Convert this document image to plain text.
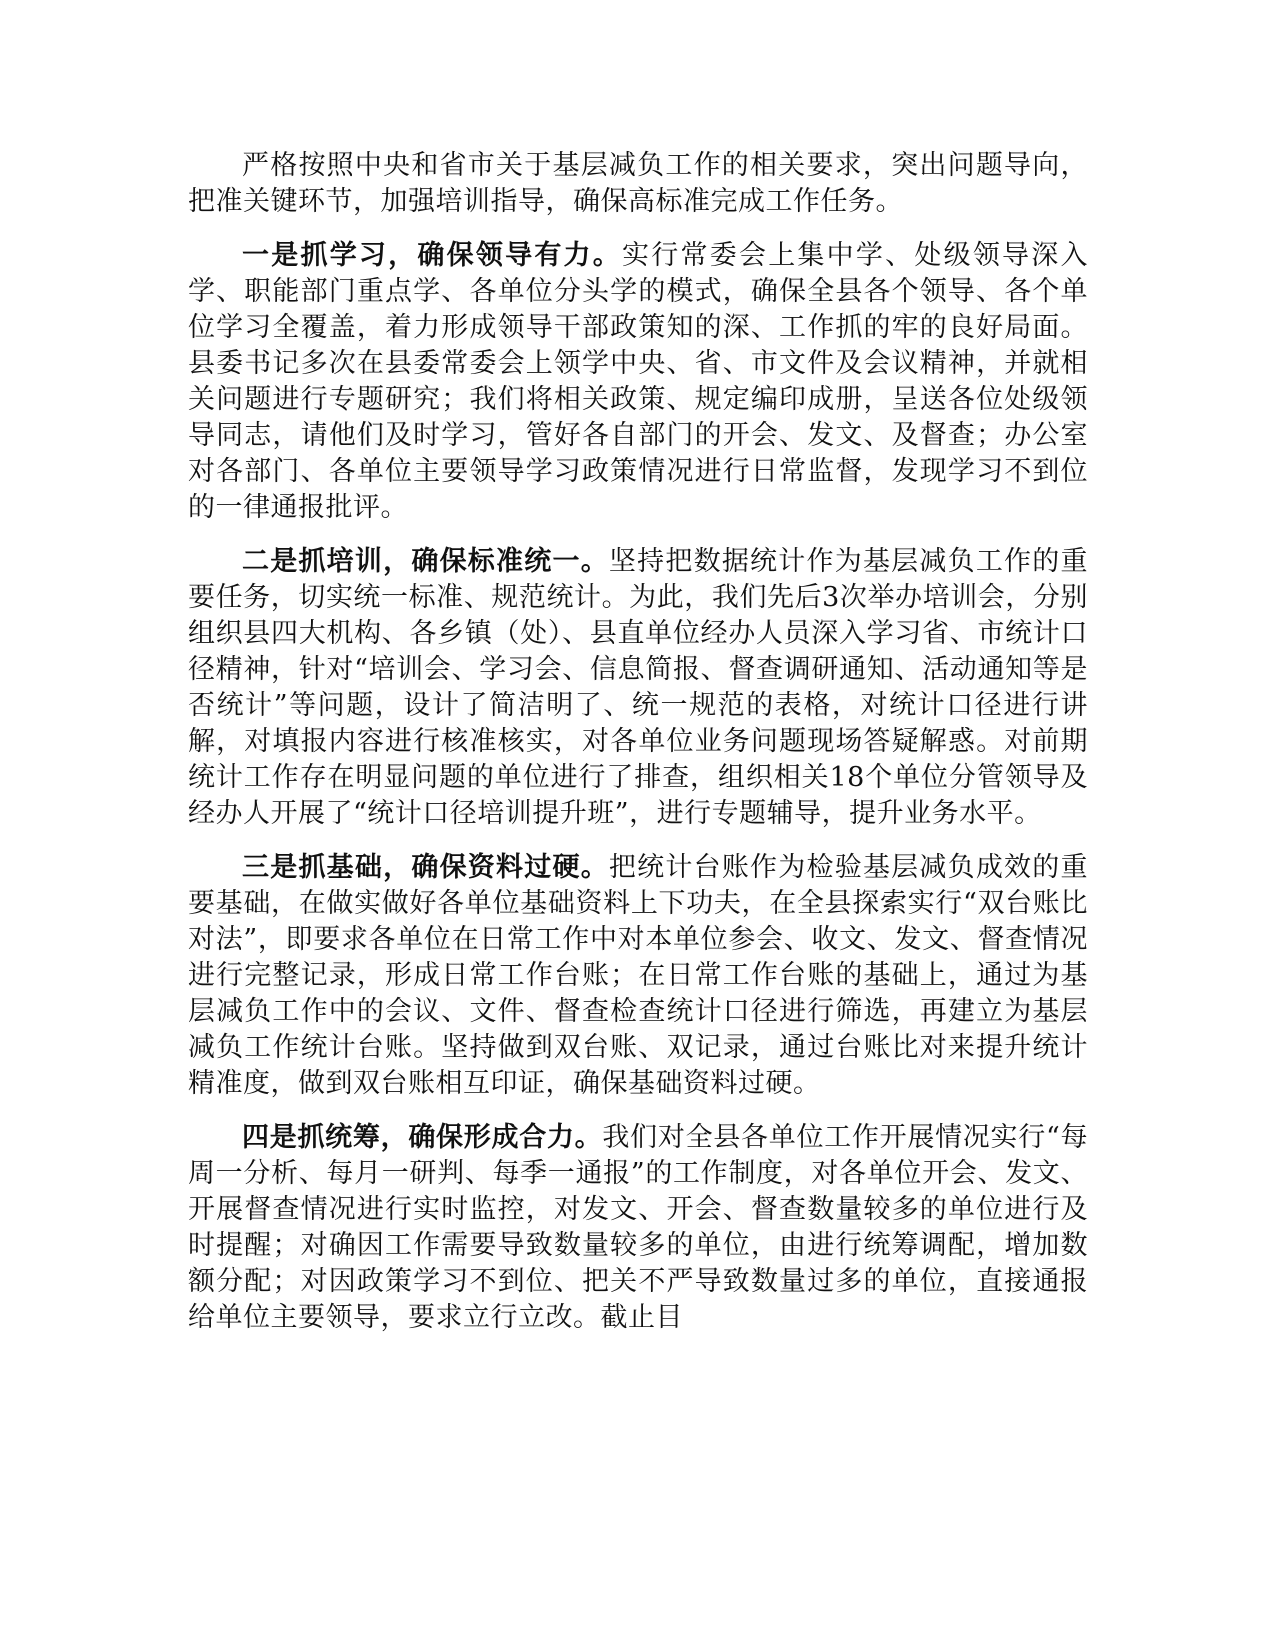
严格按照中央和省市关于基层减负工作的相关要求，突出问题导向，把准关键环节，加强培训指导，确保高标准完成工作任务。

一是抓学习，确保领导有力。实行常委会上集中学、处级领导深入学、职能部门重点学、各单位分头学的模式，确保全县各个领导、各个单位学习全覆盖，着力形成领导干部政策知的深、工作抓的牢的良好局面。县委书记多次在县委常委会上领学中央、省、市文件及会议精神，并就相关问题进行专题研究；我们将相关政策、规定编印成册，呈送各位处级领导同志，请他们及时学习，管好各自部门的开会、发文、及督查；办公室对各部门、各单位主要领导学习政策情况进行日常监督，发现学习不到位的一律通报批评。

二是抓培训，确保标准统一。坚持把数据统计作为基层减负工作的重要任务，切实统一标准、规范统计。为此，我们先后3次举办培训会，分别组织县四大机构、各乡镇（处）、县直单位经办人员深入学习省、市统计口径精神，针对“培训会、学习会、信息简报、督查调研通知、活动通知等是否统计”等问题，设计了简洁明了、统一规范的表格，对统计口径进行讲解，对填报内容进行核准核实，对各单位业务问题现场答疑解惑。对前期统计工作存在明显问题的单位进行了排查，组织相关18个单位分管领导及经办人开展了“统计口径培训提升班”，进行专题辅导，提升业务水平。

三是抓基础，确保资料过硬。把统计台账作为检验基层减负成效的重要基础，在做实做好各单位基础资料上下功夫，在全县探索实行“双台账比对法”，即要求各单位在日常工作中对本单位参会、收文、发文、督查情况进行完整记录，形成日常工作台账；在日常工作台账的基础上，通过为基层减负工作中的会议、文件、督查检查统计口径进行筛选，再建立为基层减负工作统计台账。坚持做到双台账、双记录，通过台账比对来提升统计精准度，做到双台账相互印证，确保基础资料过硬。

四是抓统筹，确保形成合力。我们对全县各单位工作开展情况实行“每周一分析、每月一研判、每季一通报”的工作制度，对各单位开会、发文、开展督查情况进行实时监控，对发文、开会、督查数量较多的单位进行及时提醒；对确因工作需要导致数量较多的单位，由进行统筹调配，增加数额分配；对因政策学习不到位、把关不严导致数量过多的单位，直接通报给单位主要领导，要求立行立改。截止目
